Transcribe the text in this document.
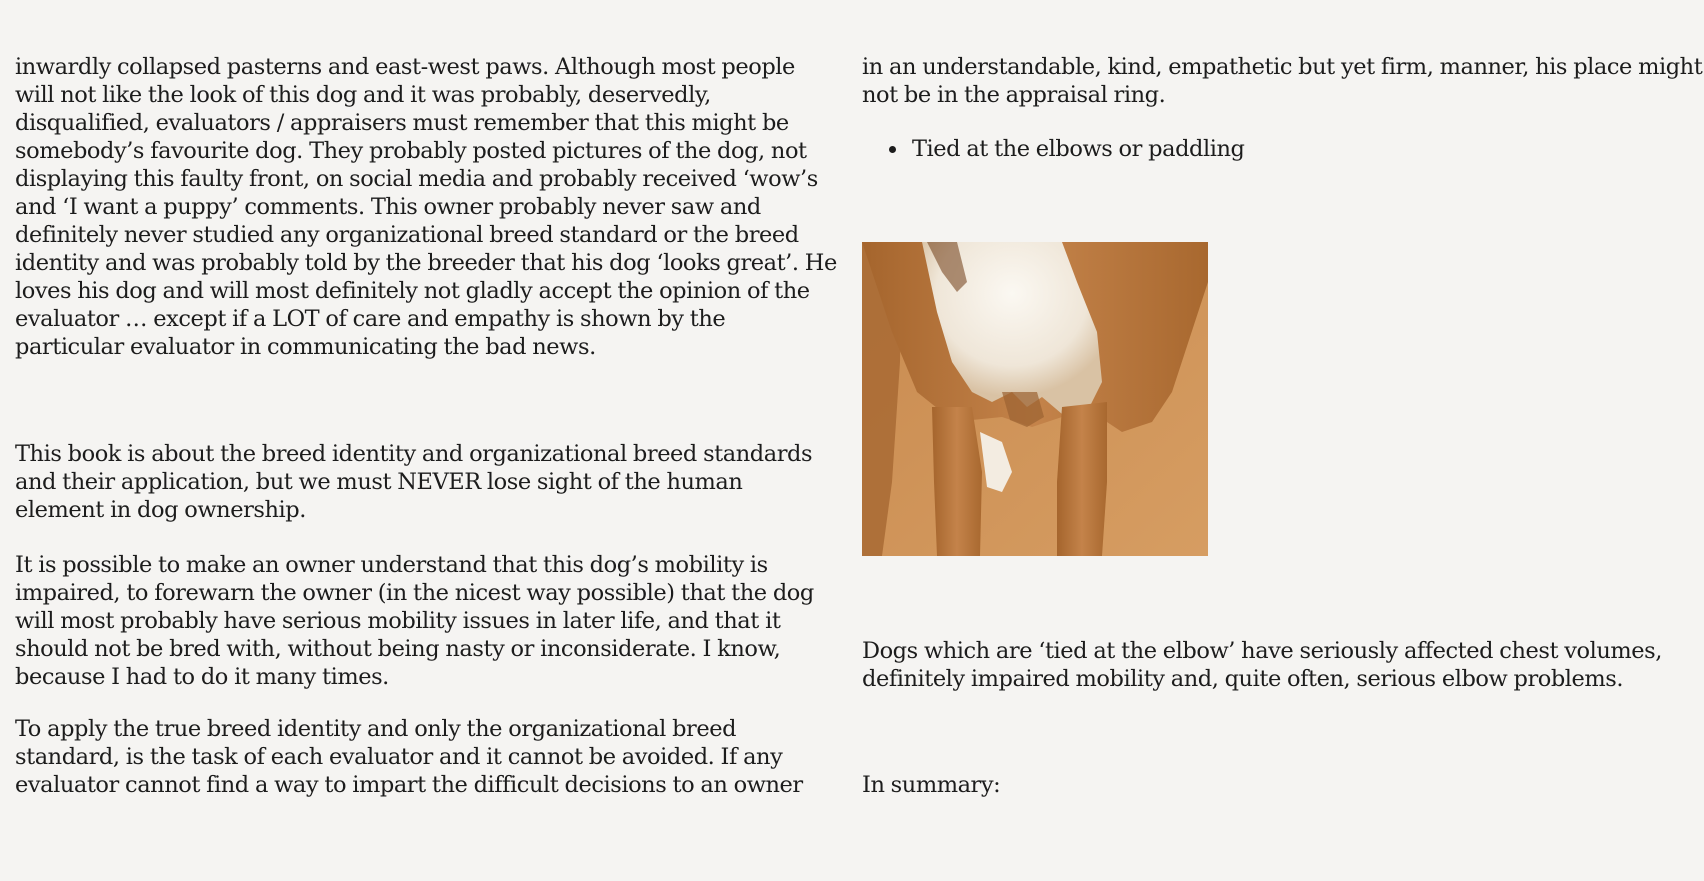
inwardly collapsed pasterns and east-west paws. Although most people will not like the look of this dog and it was probably, deservedly, disqualified, evaluators / appraisers must remember that this might be somebody’s favourite dog. They probably posted pictures of the dog, not displaying this faulty front, on social media and probably received ‘wow’s and ‘I want a puppy’ comments. This owner probably never saw and definitely never studied any organizational breed standard or the breed identity and was probably told by the breeder that his dog ‘looks great’. He loves his dog and will most definitely not gladly accept the opinion of the evaluator … except if a LOT of care and empathy is shown by the particular evaluator in communicating the bad news.

This book is about the breed identity and organizational breed standards and their application, but we must NEVER lose sight of the human element in dog ownership.

It is possible to make an owner understand that this dog’s mobility is impaired, to forewarn the owner (in the nicest way possible) that the dog will most probably have serious mobility issues in later life, and that it should not be bred with, without being nasty or inconsiderate. I know, because I had to do it many times.

To apply the true breed identity and only the organizational breed standard, is the task of each evaluator and it cannot be avoided. If any evaluator cannot find a way to impart the difficult decisions to an owner

in an understandable, kind, empathetic but yet firm, manner, his place might not be in the appraisal ring.

Tied at the elbows or paddling

Dogs which are ‘tied at the elbow’ have seriously affected chest volumes, definitely impaired mobility and, quite often, serious elbow problems.

In summary:
